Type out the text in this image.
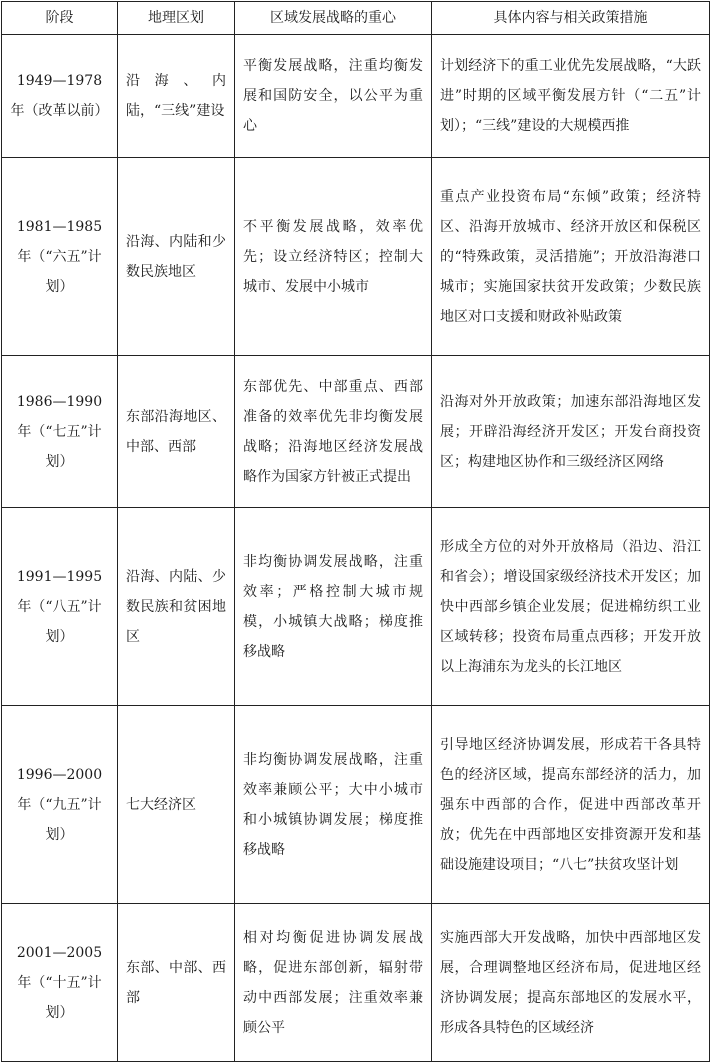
阶段	地理区划	区域发展战略的重心	具体内容与相关政策措施
1949—1978年（改革以前）	沿海、内陆，“三线”建设	平衡发展战略，注重均衡发展和国防安全，以公平为重心	计划经济下的重工业优先发展战略，“大跃进”时期的区域平衡发展方针（“二五”计划）；“三线”建设的大规模西推
1981—1985年（“六五”计划）	沿海、内陆和少数民族地区	不平衡发展战略，效率优先；设立经济特区；控制大城市、发展中小城市	重点产业投资布局“东倾”政策；经济特区、沿海开放城市、经济开放区和保税区的“特殊政策，灵活措施”；开放沿海港口城市；实施国家扶贫开发政策；少数民族地区对口支援和财政补贴政策
1986—1990年（“七五”计划）	东部沿海地区、中部、西部	东部优先、中部重点、西部准备的效率优先非均衡发展战略；沿海地区经济发展战略作为国家方针被正式提出	沿海对外开放政策；加速东部沿海地区发展；开辟沿海经济开发区；开发台商投资区；构建地区协作和三级经济区网络
1991—1995年（“八五”计划）	沿海、内陆、少数民族和贫困地区	非均衡协调发展战略，注重效率；严格控制大城市规模，小城镇大战略；梯度推移战略	形成全方位的对外开放格局（沿边、沿江和省会）；增设国家级经济技术开发区；加快中西部乡镇企业发展；促进棉纺织工业区域转移；投资布局重点西移；开发开放以上海浦东为龙头的长江地区
1996—2000年（“九五”计划）	七大经济区	非均衡协调发展战略，注重效率兼顾公平；大中小城市和小城镇协调发展；梯度推移战略	引导地区经济协调发展，形成若干各具特色的经济区域，提高东部经济的活力，加强东中西部的合作，促进中西部改革开放；优先在中西部地区安排资源开发和基础设施建设项目；“八七”扶贫攻坚计划
2001—2005年（“十五”计划）	东部、中部、西部	相对均衡促进协调发展战略，促进东部创新，辐射带动中西部发展；注重效率兼顾公平	实施西部大开发战略，加快中西部地区发展，合理调整地区经济布局，促进地区经济协调发展；提高东部地区的发展水平，形成各具特色的区域经济
